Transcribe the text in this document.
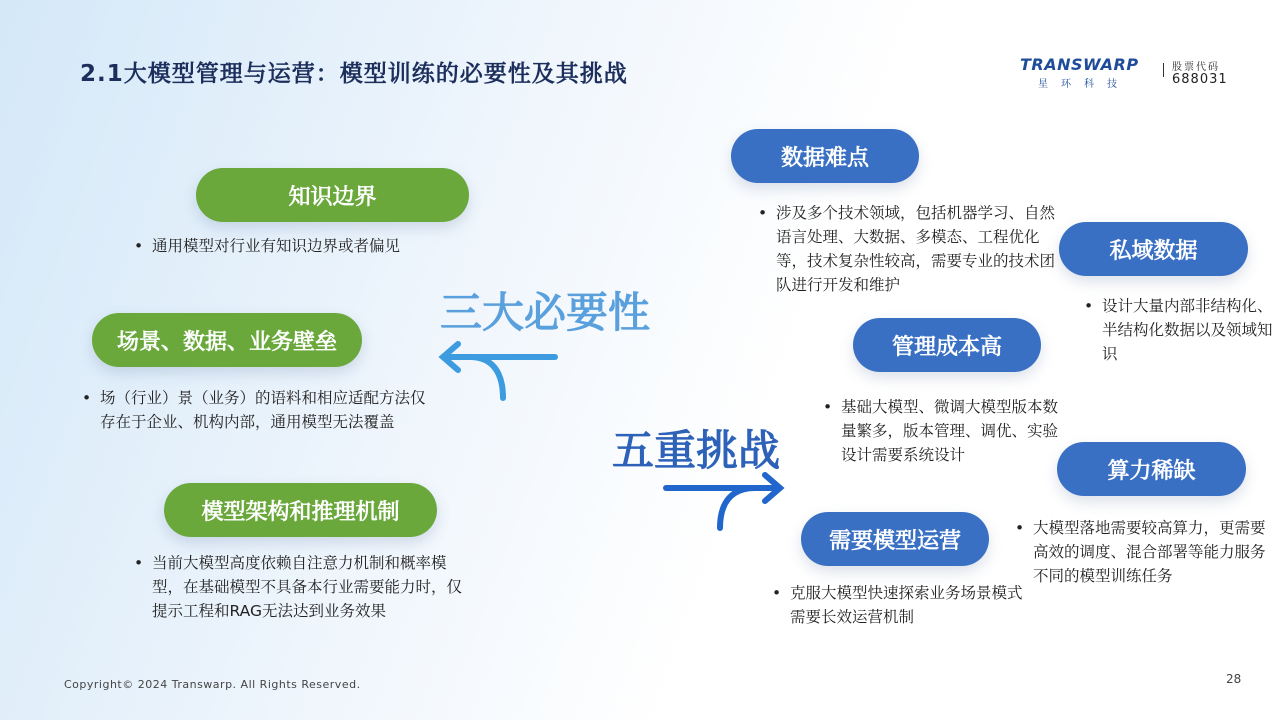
2.1大模型管理与运营：模型训练的必要性及其挑战	TRANSWARP
星环科技
股票代码
688031
三大必要性
五重挑战
知识边界
• 通用模型对行业有知识边界或者偏见
场景、数据、业务壁垒
• 场（行业）景（业务）的语料和相应适配方法仅存在于企业、机构内部，通用模型无法覆盖
模型架构和推理机制
• 当前大模型高度依赖自注意力机制和概率模型，在基础模型不具备本行业需要能力时，仅提示工程和RAG无法达到业务效果
数据难点
• 涉及多个技术领域，包括机器学习、自然语言处理、大数据、多模态、工程优化等，技术复杂性较高，需要专业的技术团队进行开发和维护
私域数据
• 设计大量内部非结构化、半结构化数据以及领域知识
管理成本高
• 基础大模型、微调大模型版本数量繁多，版本管理、调优、实验设计需要系统设计
算力稀缺
• 大模型落地需要较高算力，更需要高效的调度、混合部署等能力服务不同的模型训练任务
需要模型运营
• 克服大模型快速探索业务场景模式需要长效运营机制
Copyright© 2024 Transwarp. All Rights Reserved.	28
